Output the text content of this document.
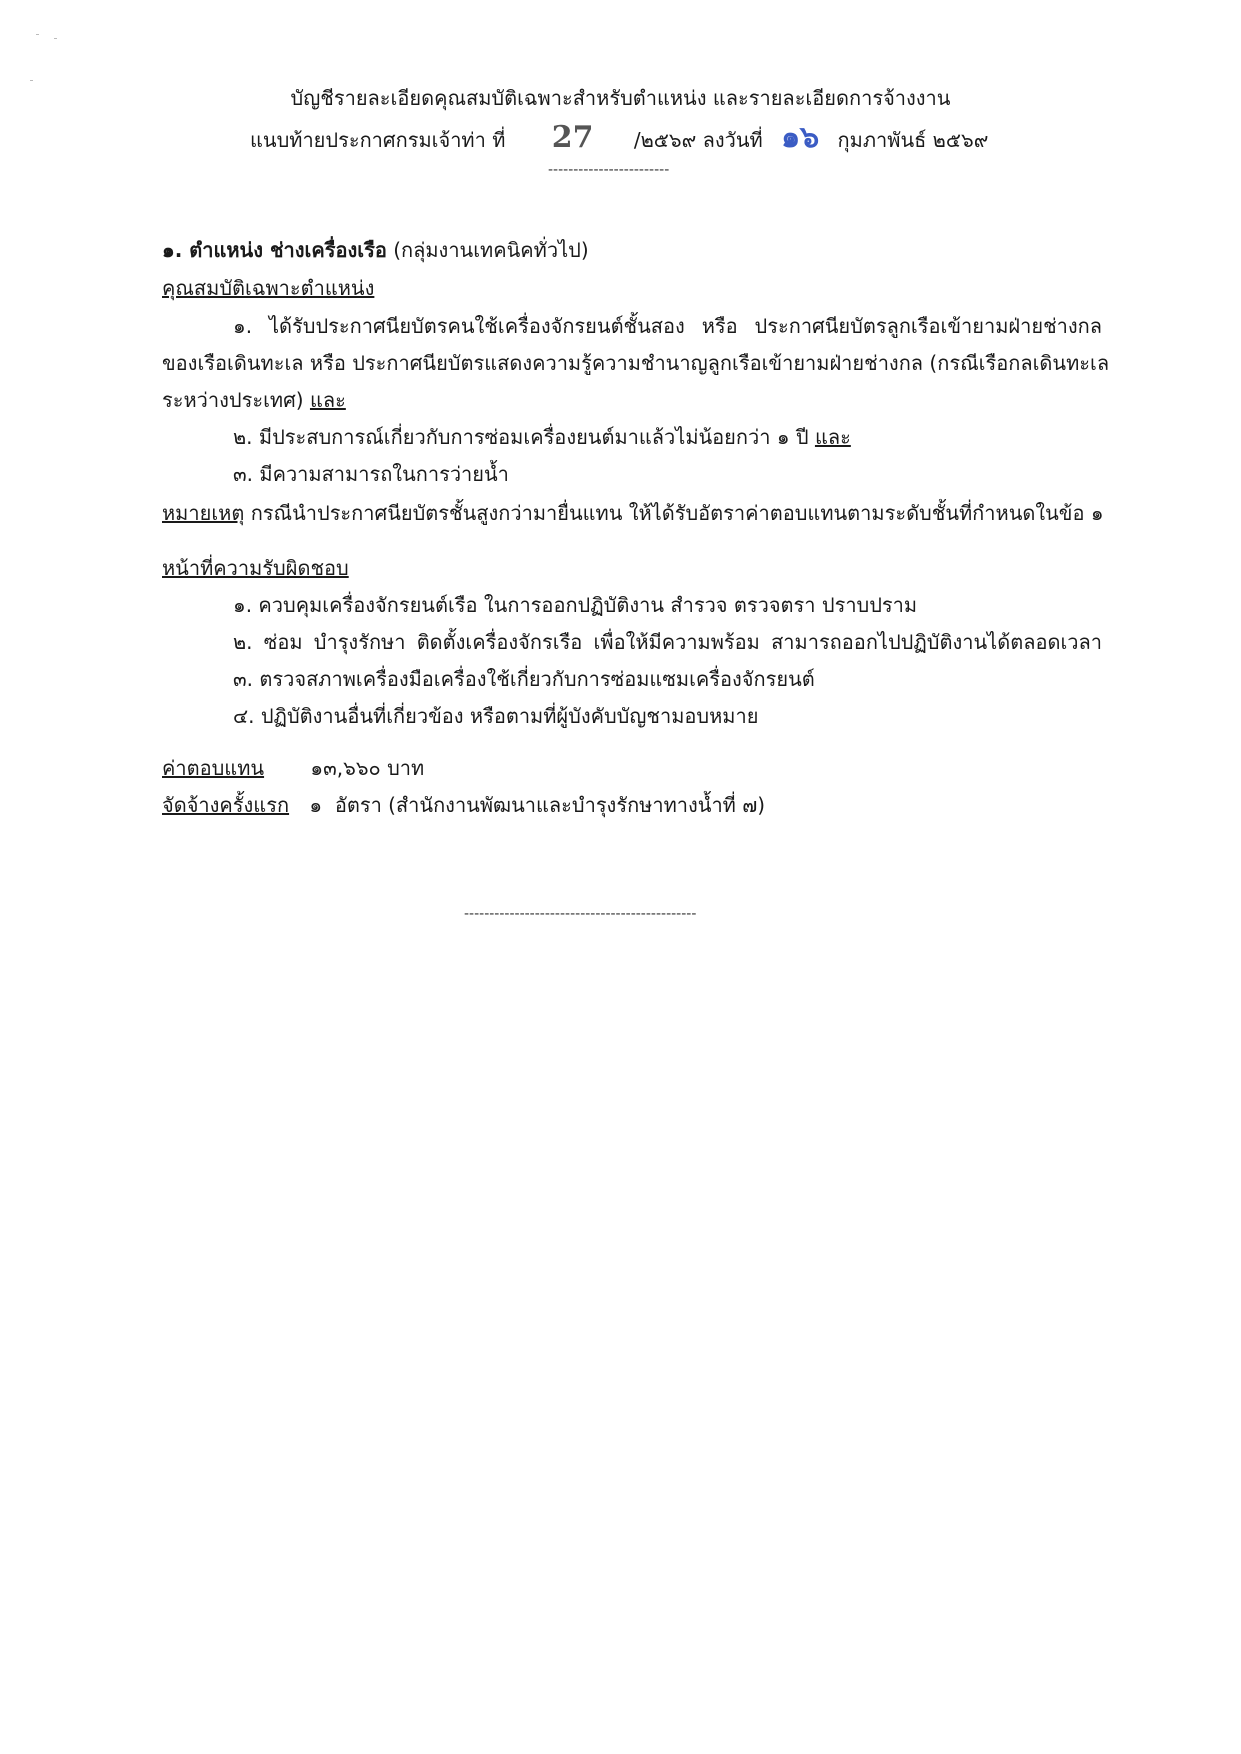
บัญชีรายละเอียดคุณสมบัติเฉพาะสำหรับตำแหน่ง และรายละเอียดการจ้างงาน
แนบท้ายประกาศกรมเจ้าท่า ที่ 27 /๒๕๖๙ ลงวันที่ ๑๖ กุมภาพันธ์ ๒๕๖๙
------------------------
๑. ตำแหน่ง ช่างเครื่องเรือ (กลุ่มงานเทคนิคทั่วไป)
คุณสมบัติเฉพาะตำแหน่ง
๑. ได้รับประกาศนียบัตรคนใช้เครื่องจักรยนต์ชั้นสอง หรือ ประกาศนียบัตรลูกเรือเข้ายามฝ่ายช่างกล
ของเรือเดินทะเล หรือ ประกาศนียบัตรแสดงความรู้ความชำนาญลูกเรือเข้ายามฝ่ายช่างกล (กรณีเรือกลเดินทะเล
ระหว่างประเทศ) และ
๒. มีประสบการณ์เกี่ยวกับการซ่อมเครื่องยนต์มาแล้วไม่น้อยกว่า ๑ ปี และ
๓. มีความสามารถในการว่ายน้ำ
หมายเหตุ กรณีนำประกาศนียบัตรชั้นสูงกว่ามายื่นแทน ให้ได้รับอัตราค่าตอบแทนตามระดับชั้นที่กำหนดในข้อ ๑
หน้าที่ความรับผิดชอบ
๑. ควบคุมเครื่องจักรยนต์เรือ ในการออกปฏิบัติงาน สำรวจ ตรวจตรา ปราบปราม
๒. ซ่อม บำรุงรักษา ติดตั้งเครื่องจักรเรือ เพื่อให้มีความพร้อม สามารถออกไปปฏิบัติงานได้ตลอดเวลา
๓. ตรวจสภาพเครื่องมือเครื่องใช้เกี่ยวกับการซ่อมแซมเครื่องจักรยนต์
๔. ปฏิบัติงานอื่นที่เกี่ยวข้อง หรือตามที่ผู้บังคับบัญชามอบหมาย
ค่าตอบแทน ๑๓,๖๖๐ บาท
จัดจ้างครั้งแรก ๑  อัตรา (สำนักงานพัฒนาและบำรุงรักษาทางน้ำที่ ๗)
----------------------------------------------
